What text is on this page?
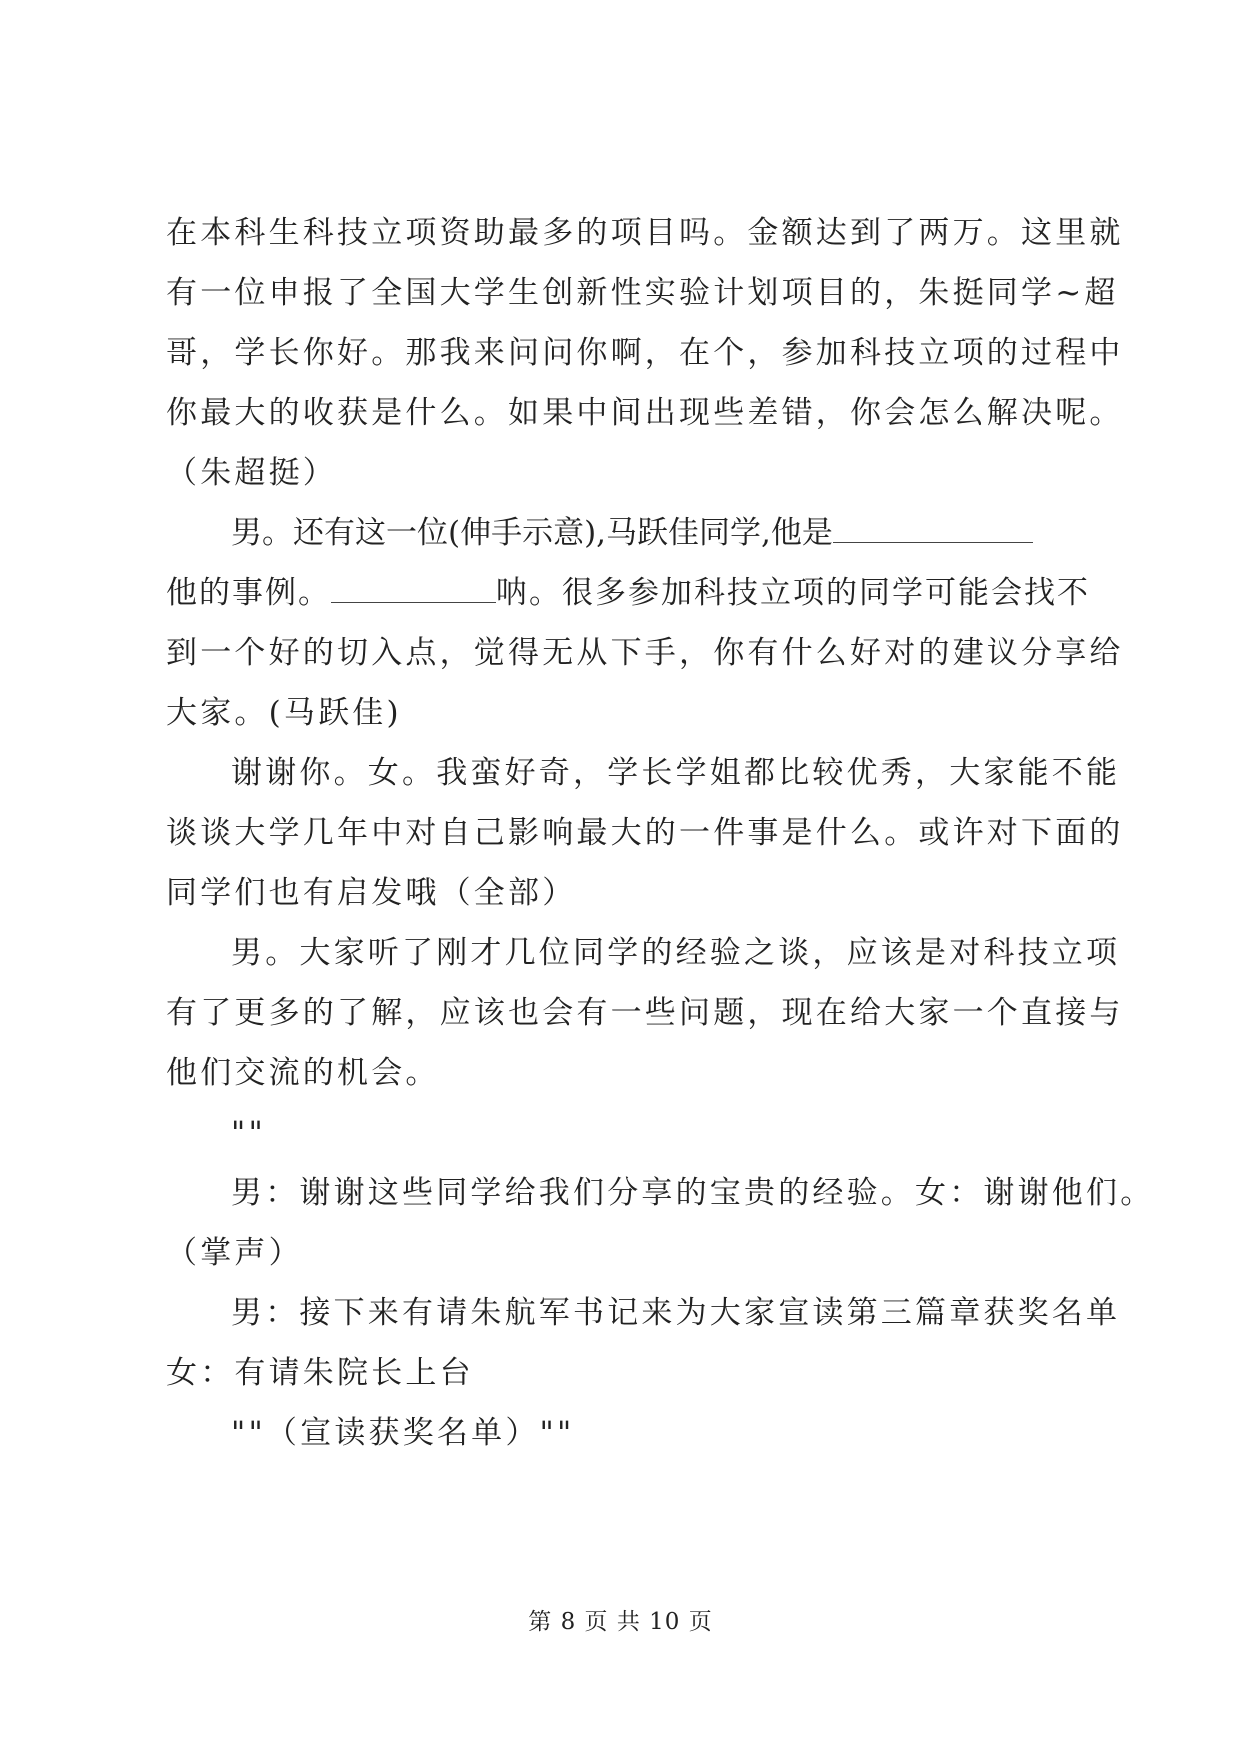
在本科生科技立项资助最多的项目吗。金额达到了两万。这里就
有一位申报了全国大学生创新性实验计划项目的，朱挺同学~超
哥，学长你好。那我来问问你啊，在个，参加科技立项的过程中
你最大的收获是什么。如果中间出现些差错，你会怎么解决呢。
（朱超挺）
男。还有这一位(伸手示意),马跃佳同学,他是
他的事例。	呐。很多参加科技立项的同学可能会找不
到一个好的切入点，觉得无从下手，你有什么好对的建议分享给
大家。(马跃佳)
谢谢你。女。我蛮好奇，学长学姐都比较优秀，大家能不能
谈谈大学几年中对自己影响最大的一件事是什么。或许对下面的
同学们也有启发哦（全部）
男。大家听了刚才几位同学的经验之谈，应该是对科技立项
有了更多的了解，应该也会有一些问题，现在给大家一个直接与
他们交流的机会。
""
男：谢谢这些同学给我们分享的宝贵的经验。女：谢谢他们。
（掌声）
男：接下来有请朱航军书记来为大家宣读第三篇章获奖名单
女：有请朱院长上台
""（宣读获奖名单）""
第 8 页 共 10 页
